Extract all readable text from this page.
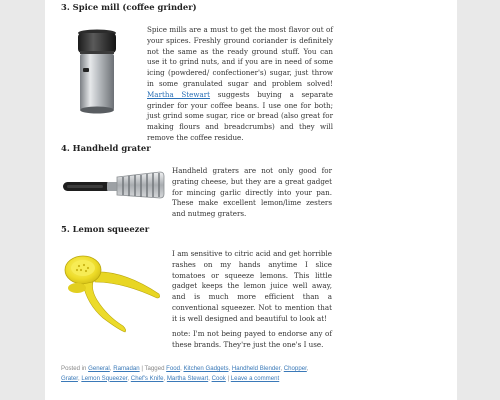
3. Spice mill (coffee grinder)

Spice mills are a must to get the most flavor out of your spices. Freshly ground coriander is definitely not the same as the ready ground stuff. You can use it to grind nuts, and if you are in need of some icing (powdered/ confectioner's) sugar, just throw in some granulated sugar and problem solved! Martha Stewart suggests buying a separate grinder for your coffee beans. I use one for both; just grind some sugar, rice or bread (also great for making flours and breadcrumbs) and they will remove the coffee residue.

4. Handheld grater

Handheld graters are not only good for grating cheese, but they are a great gadget for mincing garlic directly into your pan. These make excellent lemon/lime zesters and nutmeg graters.

5. Lemon squeezer

I am sensitive to citric acid and get horrible rashes on my hands anytime I slice tomatoes or squeeze lemons. This little gadget keeps the lemon juice well away, and is much more efficient than a conventional squeezer. Not to mention that it is well designed and beautiful to look at!

note: I'm not being payed to endorse any of these brands. They're just the one's I use.

Posted in General, Ramadan | Tagged Food, Kitchen Gadgets, Handheld Blender, Chopper, Grater, Lemon Squeezer, Chef's Knife, Martha Stewart, Cook | Leave a comment
